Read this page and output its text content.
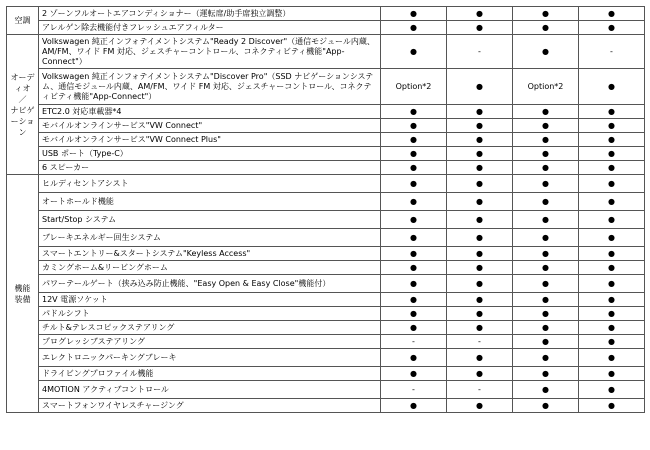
空調	2 ゾーンフルオートエアコンディショナー（運転席/助手席独立調整）	●	●	●	●
	アレルゲン除去機能付きフレッシュエアフィルター	●	●	●	●

オーデ
ィオ
／
ナビゲ
ーション	Volkswagen 純正インフォテイメントシステム"Ready 2 Discover"（通信モジュール内蔵、AM/FM、ワイド FM 対応、ジェスチャーコントロール、コネクティビティ機能"App-Connect"）	●	-	●	-
	Volkswagen 純正インフォテイメントシステム"Discover Pro"（SSD ナビゲーションシステム、通信モジュール内蔵、AM/FM、ワイド FM 対応、ジェスチャーコントロール、コネクティビティ機能"App-Connect"）	Option*2	●	Option*2	●
	ETC2.0 対応車載器*4	●	●	●	●
	モバイルオンラインサービス"VW Connect"	●	●	●	●
	モバイルオンラインサービス"VW Connect Plus"	●	●	●	●
	USB ポート（Type-C）	●	●	●	●
	6 スピーカー	●	●	●	●

機能
装備	ヒルディセントアシスト	●	●	●	●
	オートホールド機能	●	●	●	●
	Start/Stop システム	●	●	●	●
	ブレーキエネルギー回生システム	●	●	●	●
	スマートエントリー&スタートシステム"Keyless Access"	●	●	●	●
	カミングホーム&リービングホーム	●	●	●	●
	パワーテールゲート（挟み込み防止機能、"Easy Open & Easy Close"機能付）	●	●	●	●
	12V 電源ソケット	●	●	●	●
	パドルシフト	●	●	●	●
	チルト&テレスコピックステアリング	●	●	●	●
	プログレッシブステアリング	-	-	●	●
	エレクトロニックパーキングブレーキ	●	●	●	●
	ドライビングプロファイル機能	●	●	●	●
	4MOTION アクティブコントロール	-	-	●	●
	スマートフォンワイヤレスチャージング	●	●	●	●
